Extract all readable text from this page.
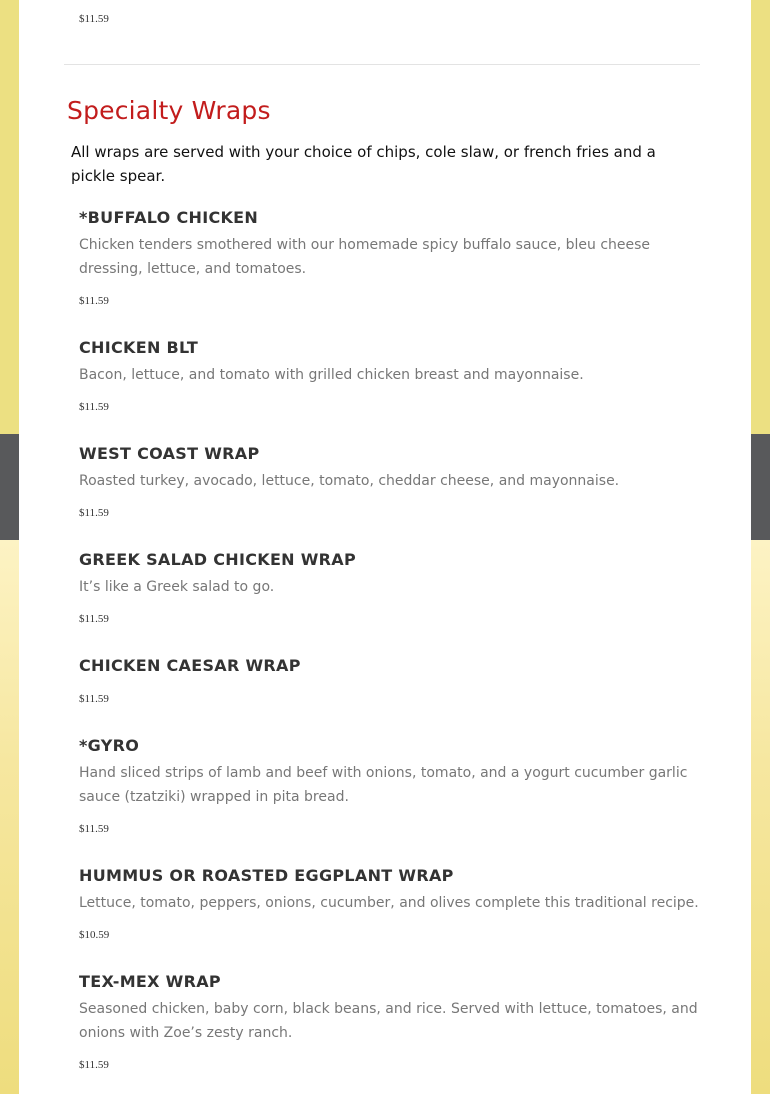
$11.59
Specialty Wraps

All wraps are served with your choice of chips, cole slaw, or french fries and a pickle spear.

*BUFFALO CHICKEN

Chicken tenders smothered with our homemade spicy buffalo sauce, bleu cheese dressing, lettuce, and tomatoes.

$11.59
CHICKEN BLT

Bacon, lettuce, and tomato with grilled chicken breast and mayonnaise.

$11.59
WEST COAST WRAP

Roasted turkey, avocado, lettuce, tomato, cheddar cheese, and mayonnaise.

$11.59
GREEK SALAD CHICKEN WRAP

It’s like a Greek salad to go.

$11.59
CHICKEN CAESAR WRAP
$11.59
*GYRO

Hand sliced strips of lamb and beef with onions, tomato, and a yogurt cucumber garlic sauce (tzatziki) wrapped in pita bread.

$11.59
HUMMUS OR ROASTED EGGPLANT WRAP

Lettuce, tomato, peppers, onions, cucumber, and olives complete this traditional recipe.

$10.59
TEX-MEX WRAP

Seasoned chicken, baby corn, black beans, and rice. Served with lettuce, tomatoes, and onions with Zoe’s zesty ranch.

$11.59
